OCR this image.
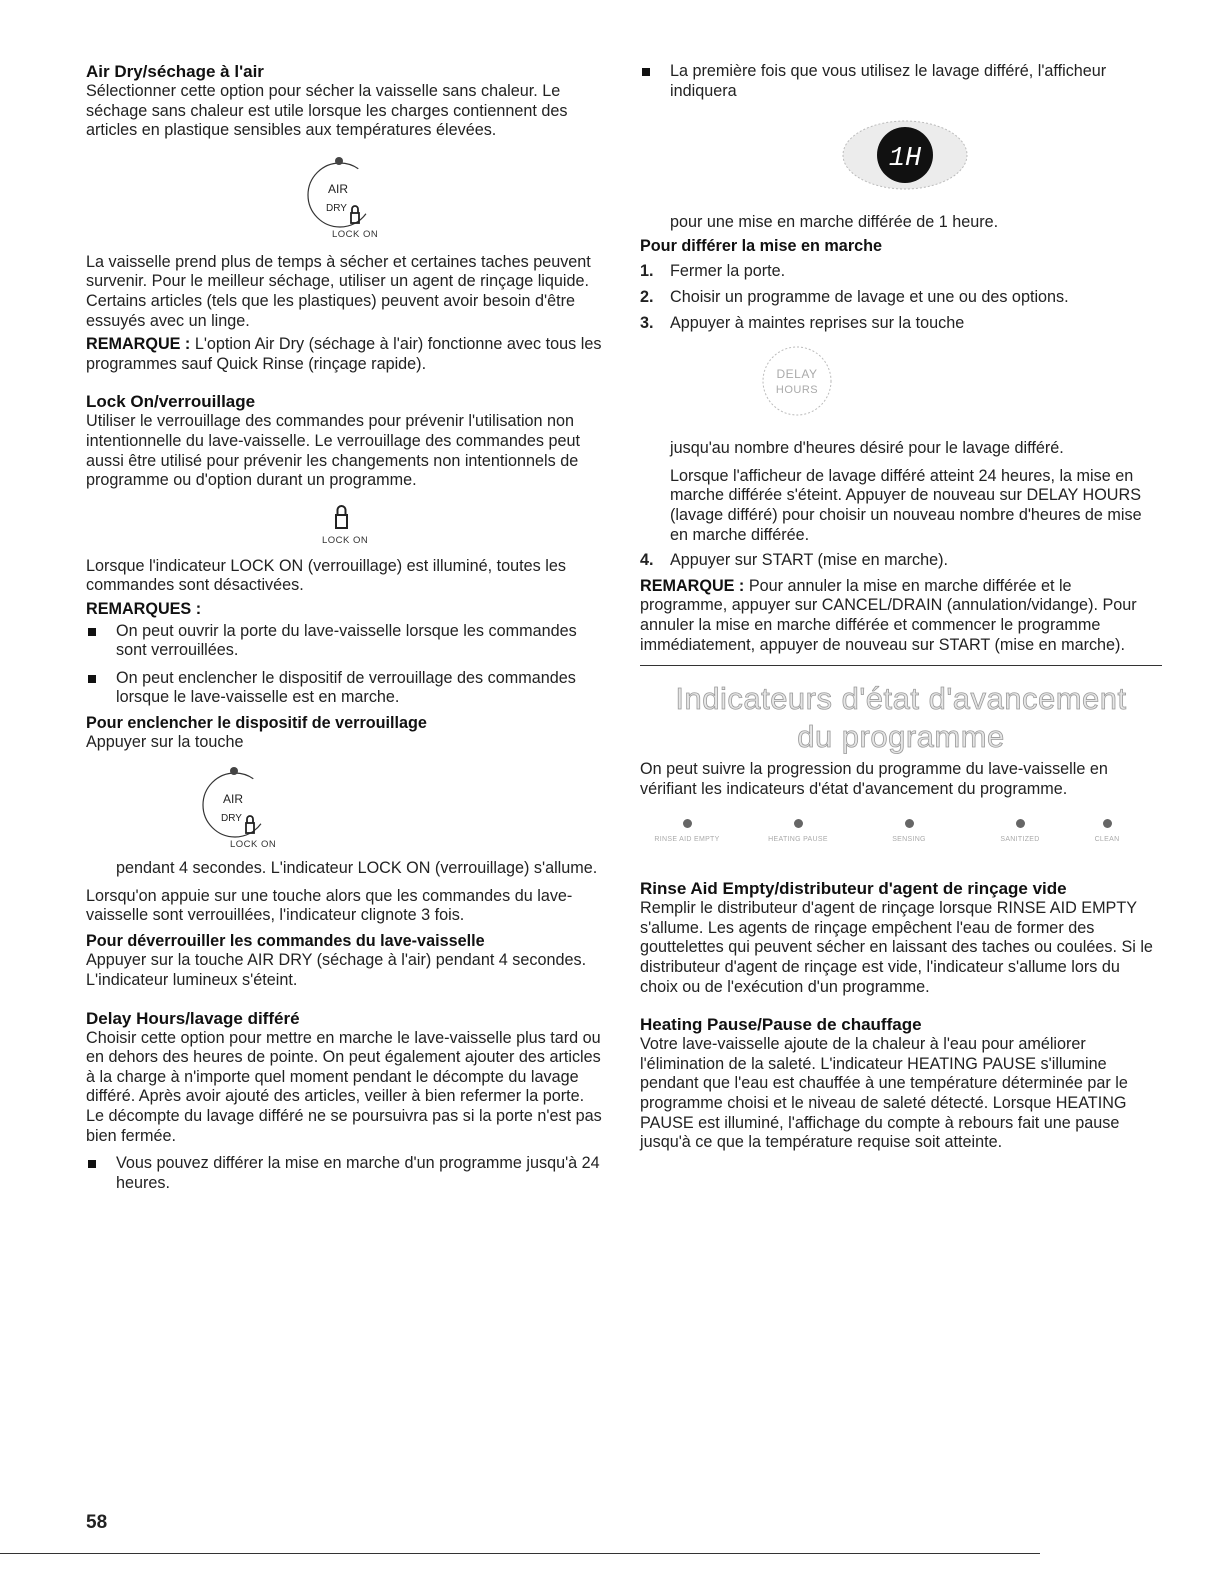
Air Dry/séchage à l'air

Sélectionner cette option pour sécher la vaisselle sans chaleur. Le séchage sans chaleur est utile lorsque les charges contiennent des articles en plastique sensibles aux températures élevées.

AIR
DRY
LOCK ON

La vaisselle prend plus de temps à sécher et certaines taches peuvent survenir. Pour le meilleur séchage, utiliser un agent de rinçage liquide. Certains articles (tels que les plastiques) peuvent avoir besoin d'être essuyés avec un linge.

REMARQUE : L'option Air Dry (séchage à l'air) fonctionne avec tous les programmes sauf Quick Rinse (rinçage rapide).

Lock On/verrouillage

Utiliser le verrouillage des commandes pour prévenir l'utilisation non intentionnelle du lave-vaisselle. Le verrouillage des commandes peut aussi être utilisé pour prévenir les changements non intentionnels de programme ou d'option durant un programme.

LOCK ON

Lorsque l'indicateur LOCK ON (verrouillage) est illuminé, toutes les commandes sont désactivées.

REMARQUES :

On peut ouvrir la porte du lave-vaisselle lorsque les commandes sont verrouillées.

On peut enclencher le dispositif de verrouillage des commandes lorsque le lave-vaisselle est en marche.

Pour enclencher le dispositif de verrouillage

Appuyer sur la touche

AIR
DRY
LOCK ON

pendant 4 secondes. L'indicateur LOCK ON (verrouillage) s'allume.

Lorsqu'on appuie sur une touche alors que les commandes du lave-vaisselle sont verrouillées, l'indicateur clignote 3 fois.

Pour déverrouiller les commandes du lave-vaisselle

Appuyer sur la touche AIR DRY (séchage à l'air) pendant 4 secondes. L'indicateur lumineux s'éteint.

Delay Hours/lavage différé

Choisir cette option pour mettre en marche le lave-vaisselle plus tard ou en dehors des heures de pointe. On peut également ajouter des articles à la charge à n'importe quel moment pendant le décompte du lavage différé. Après avoir ajouté des articles, veiller à bien refermer la porte. Le décompte du lavage différé ne se poursuivra pas si la porte n'est pas bien fermée.

Vous pouvez différer la mise en marche d'un programme jusqu'à 24 heures.

La première fois que vous utilisez le lavage différé, l'afficheur indiquera

1H

pour une mise en marche différée de 1 heure.

Pour différer la mise en marche

1. Fermer la porte.

2. Choisir un programme de lavage et une ou des options.

3. Appuyer à maintes reprises sur la touche

DELAY
HOURS

jusqu'au nombre d'heures désiré pour le lavage différé.

Lorsque l'afficheur de lavage différé atteint 24 heures, la mise en marche différée s'éteint. Appuyer de nouveau sur DELAY HOURS (lavage différé) pour choisir un nouveau nombre d'heures de mise en marche différée.

4. Appuyer sur START (mise en marche).

REMARQUE : Pour annuler la mise en marche différée et le programme, appuyer sur CANCEL/DRAIN (annulation/vidange). Pour annuler la mise en marche différée et commencer le programme immédiatement, appuyer de nouveau sur START (mise en marche).

Indicateurs d'état d'avancement
du programme

On peut suivre la progression du programme du lave-vaisselle en vérifiant les indicateurs d'état d'avancement du programme.

RINSE AID EMPTY	HEATING PAUSE	SENSING	SANITIZED	CLEAN
Rinse Aid Empty/distributeur d'agent de rinçage vide

Remplir le distributeur d'agent de rinçage lorsque RINSE AID EMPTY s'allume. Les agents de rinçage empêchent l'eau de former des gouttelettes qui peuvent sécher en laissant des taches ou coulées. Si le distributeur d'agent de rinçage est vide, l'indicateur s'allume lors du choix ou de l'exécution d'un programme.

Heating Pause/Pause de chauffage

Votre lave-vaisselle ajoute de la chaleur à l'eau pour améliorer l'élimination de la saleté. L'indicateur HEATING PAUSE s'illumine pendant que l'eau est chauffée à une température déterminée par le programme choisi et le niveau de saleté détecté. Lorsque HEATING PAUSE est illuminé, l'affichage du compte à rebours fait une pause jusqu'à ce que la température requise soit atteinte.

58
